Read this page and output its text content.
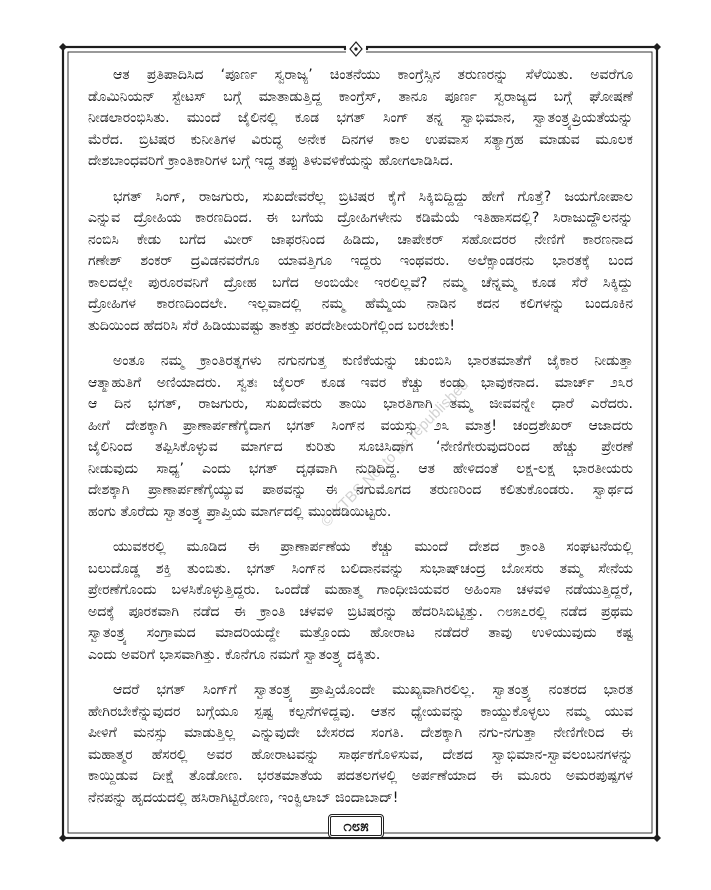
© KTBS Not to be republished
ಆತ ಪ್ರತಿಪಾದಿಸಿದ ‘ಪೂರ್ಣ ಸ್ವರಾಜ್ಯ’ ಚಿಂತನೆಯು ಕಾಂಗ್ರೆಸ್ಸಿನ ತರುಣರನ್ನು ಸೆಳೆಯಿತು. ಅವರೆಗೂ
ಡೊಮಿನಿಯನ್ ಸ್ಟೇಟಸ್ ಬಗ್ಗೆ ಮಾತಾಡುತ್ತಿದ್ದ ಕಾಂಗ್ರೆಸ್, ತಾನೂ ಪೂರ್ಣ ಸ್ವರಾಜ್ಯದ ಬಗ್ಗೆ ಘೋಷಣೆ
ನೀಡಲಾರಂಭಿಸಿತು. ಮುಂದೆ ಜೈಲಿನಲ್ಲಿ ಕೂಡ ಭಗತ್ ಸಿಂಗ್ ತನ್ನ ಸ್ವಾಭಿಮಾನ, ಸ್ವಾತಂತ್ರ್ಯಪ್ರಿಯತೆಯನ್ನು
ಮೆರೆದ. ಬ್ರಿಟಿಷರ ಕುನೀತಿಗಳ ವಿರುದ್ಧ ಅನೇಕ ದಿನಗಳ ಕಾಲ ಉಪವಾಸ ಸತ್ಯಾಗ್ರಹ ಮಾಡುವ ಮೂಲಕ
ದೇಶಬಾಂಧವರಿಗೆ ಕ್ರಾಂತಿಕಾರಿಗಳ ಬಗ್ಗೆ ಇದ್ದ ತಪ್ಪು ತಿಳುವಳಿಕೆಯನ್ನು ಹೋಗಲಾಡಿಸಿದ.
ಭಗತ್ ಸಿಂಗ್, ರಾಜಗುರು, ಸುಖದೇವರೆಲ್ಲ ಬ್ರಿಟಿಷರ ಕೈಗೆ ಸಿಕ್ಕಿಬಿದ್ದಿದ್ದು ಹೇಗೆ ಗೊತ್ತೆ? ಜಯಗೋಪಾಲ
ಎನ್ನುವ ದ್ರೋಹಿಯ ಕಾರಣದಿಂದ. ಈ ಬಗೆಯ ದ್ರೋಹಿಗಳೇನು ಕಡಿಮೆಯೆ ಇತಿಹಾಸದಲ್ಲಿ? ಸಿರಾಜುದ್ದೌಲನನ್ನು
ನಂಬಿಸಿ ಕೇಡು ಬಗೆದ ಮೀರ್ ಜಾಫರನಿಂದ ಹಿಡಿದು, ಚಾಪೇಕರ್ ಸಹೋದರರ ನೇಣಿಗೆ ಕಾರಣನಾದ
ಗಣೇಶ್ ಶಂಕರ್ ದ್ರವಿಡನವರೆಗೂ ಯಾವತ್ತಿಗೂ ಇದ್ದರು ಇಂಥವರು. ಅಲೆಕ್ಸಾಂಡರನು ಭಾರತಕ್ಕೆ ಬಂದ
ಕಾಲದಲ್ಲೇ ಪುರೂರವನಿಗೆ ದ್ರೋಹ ಬಗೆದ ಅಂಬಿಯೇ ಇರಲಿಲ್ಲವೆ? ನಮ್ಮ ಚೆನ್ನಮ್ಮ ಕೂಡ ಸೆರೆ ಸಿಕ್ಕಿದ್ದು
ದ್ರೋಹಿಗಳ ಕಾರಣದಿಂದಲೇ. ಇಲ್ಲವಾದಲ್ಲಿ ನಮ್ಮ ಹೆಮ್ಮೆಯ ನಾಡಿನ ಕದನ ಕಲಿಗಳನ್ನು ಬಂದೂಕಿನ
ತುದಿಯಿಂದ ಹೆದರಿಸಿ ಸೆರೆ ಹಿಡಿಯುವಷ್ಟು ತಾಕತ್ತು ಪರದೇಶೀಯರಿಗೆಲ್ಲಿಂದ ಬರಬೇಕು!
ಅಂತೂ ನಮ್ಮ ಕ್ರಾಂತಿರತ್ನಗಳು ನಗುನಗುತ್ತ ಕುಣಿಕೆಯನ್ನು ಚುಂಬಿಸಿ ಭಾರತಮಾತೆಗೆ ಜೈಕಾರ ನೀಡುತ್ತಾ
ಆತ್ಮಾಹುತಿಗೆ ಅಣಿಯಾದರು. ಸ್ವತಃ ಜೈಲರ್ ಕೂಡ ಇವರ ಕೆಚ್ಚು ಕಂಡು ಭಾವುಕನಾದ. ಮಾರ್ಚ್ ೨೩ರ
ಆ ದಿನ ಭಗತ್, ರಾಜಗುರು, ಸುಖದೇವರು ತಾಯಿ ಭಾರತಿಗಾಗಿ ತಮ್ಮ ಜೀವವನ್ನೇ ಧಾರೆ ಎರೆದರು.
ಹೀಗೆ ದೇಶಕ್ಕಾಗಿ ಪ್ರಾಣಾರ್ಪಣೆಗೈದಾಗ ಭಗತ್ ಸಿಂಗ್‌ನ ವಯಸ್ಸು ೨೩ ಮಾತ್ರ! ಚಂದ್ರಶೇಖರ್ ಆಜಾದರು
ಜೈಲಿನಿಂದ ತಪ್ಪಿಸಿಕೊಳ್ಳುವ ಮಾರ್ಗದ ಕುರಿತು ಸೂಚಿಸಿದಾಗ ‘ನೇಣಿಗೇರುವುದರಿಂದ ಹೆಚ್ಚು ಪ್ರೇರಣೆ
ನೀಡುವುದು ಸಾಧ್ಯ’ ಎಂದು ಭಗತ್ ದೃಢವಾಗಿ ನುಡಿದಿದ್ದ. ಆತ ಹೇಳಿದಂತೆ ಲಕ್ಷ-ಲಕ್ಷ ಭಾರತೀಯರು
ದೇಶಕ್ಕಾಗಿ ಪ್ರಾಣಾರ್ಪಣೆಗೈಯ್ಯುವ ಪಾಠವನ್ನು ಈ ನಗುಮೊಗದ ತರುಣರಿಂದ ಕಲಿತುಕೊಂಡರು. ಸ್ವಾರ್ಥದ
ಹಂಗು ತೊರೆದು ಸ್ವಾತಂತ್ರ್ಯ ಪ್ರಾಪ್ತಿಯ ಮಾರ್ಗದಲ್ಲಿ ಮುಂದಡಿಯಿಟ್ಟರು.
ಯುವಕರಲ್ಲಿ ಮೂಡಿದ ಈ ಪ್ರಾಣಾರ್ಪಣೆಯ ಕೆಚ್ಚು ಮುಂದೆ ದೇಶದ ಕ್ರಾಂತಿ ಸಂಘಟನೆಯಲ್ಲಿ
ಬಲುದೊಡ್ಡ ಶಕ್ತಿ ತುಂಬಿತು. ಭಗತ್ ಸಿಂಗ್‌ನ ಬಲಿದಾನವನ್ನು ಸುಭಾಷ್‌ಚಂದ್ರ ಬೋಸರು ತಮ್ಮ ಸೇನೆಯ
ಪ್ರೇರಣೆಗೊಂದು ಬಳಸಿಕೊಳ್ಳುತ್ತಿದ್ದರು. ಒಂದೆಡೆ ಮಹಾತ್ಮ ಗಾಂಧೀಜಿಯವರ ಅಹಿಂಸಾ ಚಳವಳಿ ನಡೆಯುತ್ತಿದ್ದರೆ,
ಅದಕ್ಕೆ ಪೂರಕವಾಗಿ ನಡೆದ ಈ ಕ್ರಾಂತಿ ಚಳವಳಿ ಬ್ರಿಟಿಷರನ್ನು ಹೆದರಿಸಿಬಿಟ್ಟಿತ್ತು. ೧೮೫೭ರಲ್ಲಿ ನಡೆದ ಪ್ರಥಮ
ಸ್ವಾತಂತ್ರ್ಯ ಸಂಗ್ರಾಮದ ಮಾದರಿಯದ್ದೇ ಮತ್ತೊಂದು ಹೋರಾಟ ನಡೆದರೆ ತಾವು ಉಳಿಯುವುದು ಕಷ್ಟ
ಎಂದು ಅವರಿಗೆ ಭಾಸವಾಗಿತ್ತು. ಕೊನೆಗೂ ನಮಗೆ ಸ್ವಾತಂತ್ರ್ಯ ದಕ್ಕಿತು.
ಆದರೆ ಭಗತ್ ಸಿಂಗ್‌ಗೆ ಸ್ವಾತಂತ್ರ್ಯ ಪ್ರಾಪ್ತಿಯೊಂದೇ ಮುಖ್ಯವಾಗಿರಲಿಲ್ಲ. ಸ್ವಾತಂತ್ರ್ಯ ನಂತರದ ಭಾರತ
ಹೇಗಿರಬೇಕೆನ್ನುವುದರ ಬಗ್ಗೆಯೂ ಸ್ಪಷ್ಟ ಕಲ್ಪನೆಗಳಿದ್ದವು. ಆತನ ಧ್ಯೇಯವನ್ನು ಕಾಯ್ದುಕೊಳ್ಳಲು ನಮ್ಮ ಯುವ
ಪೀಳಿಗೆ ಮನಸ್ಸು ಮಾಡುತ್ತಿಲ್ಲ ಎನ್ನುವುದೇ ಬೇಸರದ ಸಂಗತಿ. ದೇಶಕ್ಕಾಗಿ ನಗು-ನಗುತ್ತಾ ನೇಣಿಗೇರಿದ ಈ
ಮಹಾತ್ಮರ ಹೆಸರಲ್ಲಿ ಅವರ ಹೋರಾಟವನ್ನು ಸಾರ್ಥಕಗೊಳಿಸುವ, ದೇಶದ ಸ್ವಾಭಿಮಾನ-ಸ್ವಾವಲಂಬನಗಳನ್ನು
ಕಾಯ್ದಿಡುವ ದೀಕ್ಷೆ ತೊಡೋಣ. ಭರತಮಾತೆಯ ಪದತಲಗಳಲ್ಲಿ ಅರ್ಪಣೆಯಾದ ಈ ಮೂರು ಅಮರಪುಷ್ಪಗಳ
ನೆನಪನ್ನು ಹೃದಯದಲ್ಲಿ ಹಸಿರಾಗಿಟ್ಟಿರೋಣ, ಇಂಕ್ವಿಲಾಬ್ ಜಿಂದಾಬಾದ್!
೧೮೫
